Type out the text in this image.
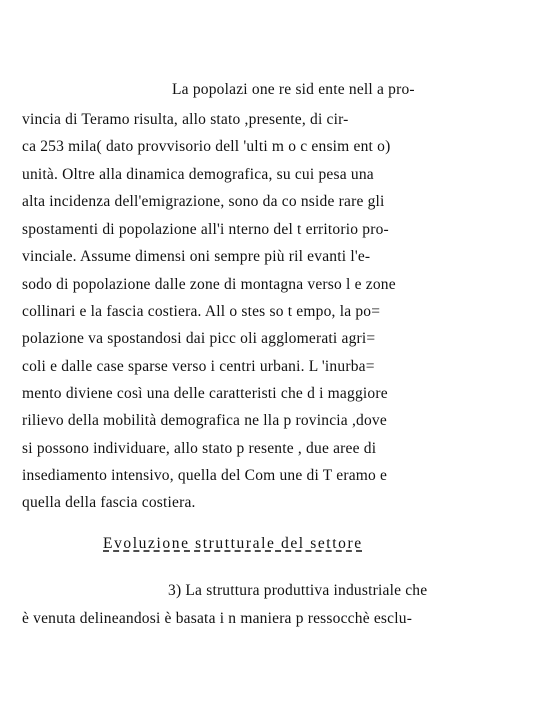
La popolazi one re sid ente nell a pro-
vincia di Teramo risulta, allo stato ,presente, di cir-
ca 253 mila( dato provvisorio dell 'ulti m o c ensim ent o)
unità. Oltre alla dinamica demografica, su cui pesa una
alta incidenza dell'emigrazione, sono da co nside rare gli
spostamenti di popolazione all'i nterno del t erritorio pro-
vinciale. Assume dimensi oni sempre più ril evanti l'e-
sodo di popolazione dalle zone di montagna verso l e zone
collinari e la fascia costiera. All o stes so t empo, la po=
polazione va spostandosi dai picc oli agglomerati agri=
coli e dalle case sparse verso i centri urbani. L 'inurba=
mento diviene così una delle caratteristi che d i maggiore
rilievo della mobilità demografica ne lla p rovincia ,dove
si possono individuare, allo stato p resente , due aree di
insediamento intensivo, quella del Com une di T eramo e
quella della fascia costiera.
Evoluzione strutturale del settore
3) La struttura produttiva industriale che
è venuta delineandosi è basata i n maniera p ressocchè esclu-
